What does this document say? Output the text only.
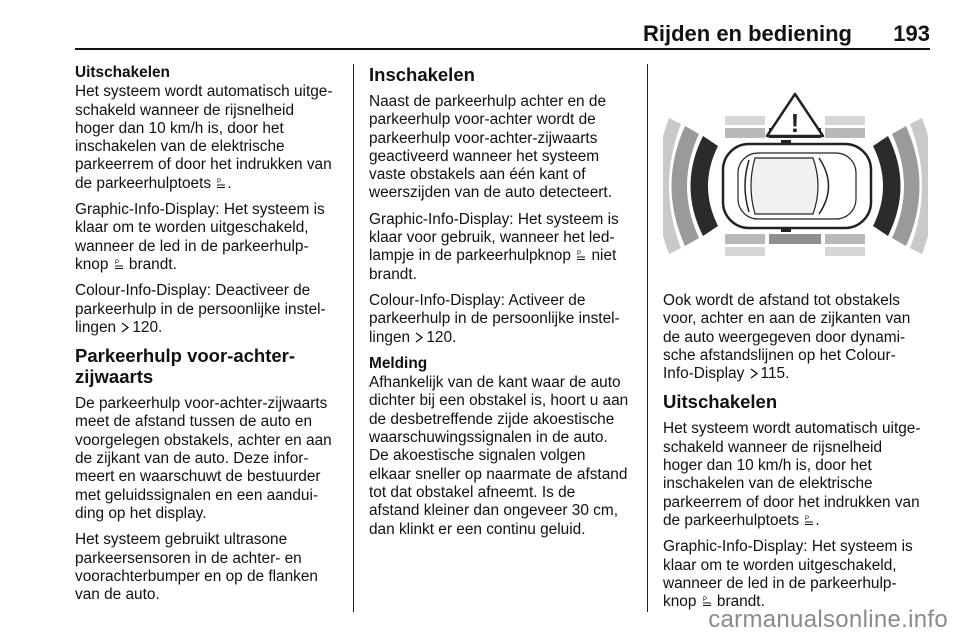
Rijden en bediening 193
Uitschakelen

Het systeem wordt automatisch uitge-
schakeld wanneer de rijsnelheid
hoger dan 10 km/h is, door het
inschakelen van de elektrische
parkeerrem of door het indrukken van
de parkeerhulptoets P .

Graphic-Info-Display: Het systeem is
klaar om te worden uitgeschakeld,
wanneer de led in de parkeerhulp-
knop P brandt.

Colour-Info-Display: Deactiveer de
parkeerhulp in de persoonlijke instel-
lingen 120.

Parkeerhulp voor-achter-
zijwaarts

De parkeerhulp voor-achter-zijwaarts
meet de afstand tussen de auto en
voorgelegen obstakels, achter en aan
de zijkant van de auto. Deze infor-
meert en waarschuwt de bestuurder
met geluidssignalen en een aandui-
ding op het display.

Het systeem gebruikt ultrasone
parkeersensoren in de achter- en
voorachterbumper en op de flanken
van de auto.

Inschakelen

Naast de parkeerhulp achter en de
parkeerhulp voor-achter wordt de
parkeerhulp voor-achter-zijwaarts
geactiveerd wanneer het systeem
vaste obstakels aan één kant of
weerszijden van de auto detecteert.

Graphic-Info-Display: Het systeem is
klaar voor gebruik, wanneer het led-
lampje in de parkeerhulpknop P niet
brandt.

Colour-Info-Display: Activeer de
parkeerhulp in de persoonlijke instel-
lingen 120.

Melding

Afhankelijk van de kant waar de auto
dichter bij een obstakel is, hoort u aan
de desbetreffende zijde akoestische
waarschuwingssignalen in de auto.
De akoestische signalen volgen
elkaar sneller op naarmate de afstand
tot dat obstakel afneemt. Is de
afstand kleiner dan ongeveer 30 cm,
dan klinkt er een continu geluid.

!

Ook wordt de afstand tot obstakels
voor, achter en aan de zijkanten van
de auto weergegeven door dynami-
sche afstandslijnen op het Colour-
Info-Display 115.

Uitschakelen

Het systeem wordt automatisch uitge-
schakeld wanneer de rijsnelheid
hoger dan 10 km/h is, door het
inschakelen van de elektrische
parkeerrem of door het indrukken van
de parkeerhulptoets P .

Graphic-Info-Display: Het systeem is
klaar om te worden uitgeschakeld,
wanneer de led in de parkeerhulp-
knop P brandt.

carmanualsonline.info
